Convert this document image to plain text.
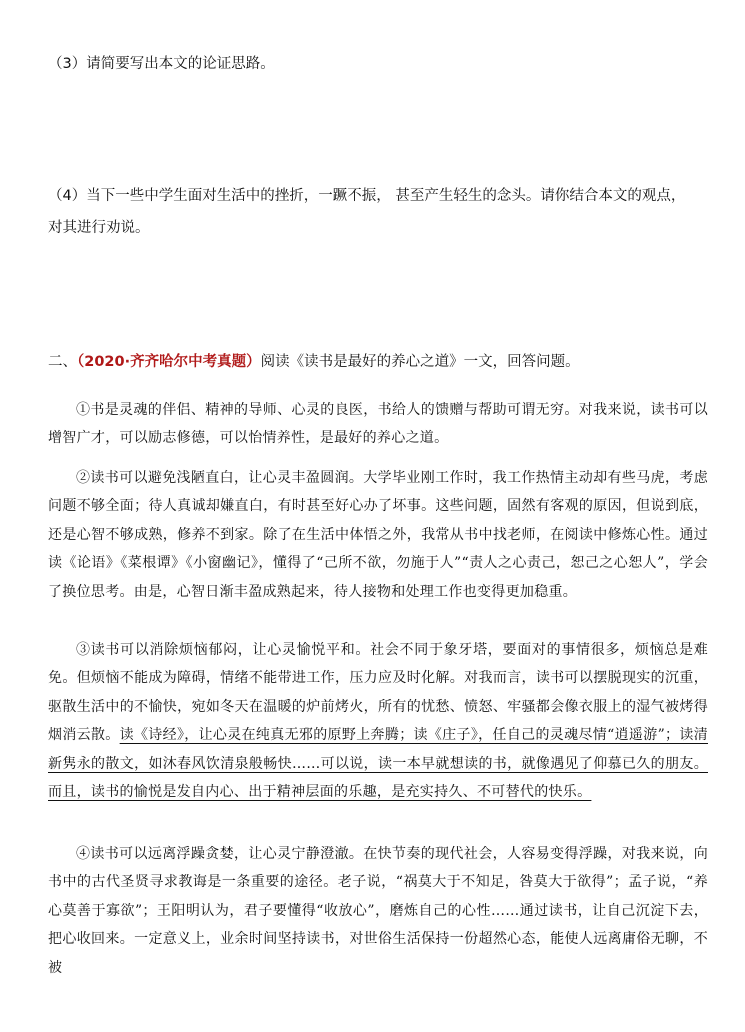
（3）请简要写出本文的论证思路。
（4）当下一些中学生面对生活中的挫折，一蹶不振， 甚至产生轻生的念头。请你结合本文的观点，对其进行劝说。
二、（2020·齐齐哈尔中考真题）阅读《读书是最好的养心之道》一文，回答问题。
①书是灵魂的伴侣、精神的导师、心灵的良医，书给人的馈赠与帮助可谓无穷。对我来说，读书可以增智广才，可以励志修德，可以怡情养性，是最好的养心之道。
②读书可以避免浅陋直白，让心灵丰盈圆润。大学毕业刚工作时，我工作热情主动却有些马虎，考虑问题不够全面；待人真诚却嫌直白，有时甚至好心办了坏事。这些问题，固然有客观的原因，但说到底，还是心智不够成熟，修养不到家。除了在生活中体悟之外，我常从书中找老师，在阅读中修炼心性。通过读《论语》《菜根谭》《小窗幽记》，懂得了“己所不欲，勿施于人”“责人之心责己，恕己之心恕人”，学会了换位思考。由是，心智日渐丰盈成熟起来，待人接物和处理工作也变得更加稳重。
③读书可以消除烦恼郁闷，让心灵愉悦平和。社会不同于象牙塔，要面对的事情很多，烦恼总是难免。但烦恼不能成为障碍，情绪不能带进工作，压力应及时化解。对我而言，读书可以摆脱现实的沉重，驱散生活中的不愉快，宛如冬天在温暖的炉前烤火，所有的忧愁、愤怒、牢骚都会像衣服上的湿气被烤得烟消云散。读《诗经》，让心灵在纯真无邪的原野上奔腾；读《庄子》，任自己的灵魂尽情“逍遥游”；读清新隽永的散文，如沐春风饮清泉般畅快……可以说，读一本早就想读的书，就像遇见了仰慕已久的朋友。而且，读书的愉悦是发自内心、出于精神层面的乐趣，是充实持久、不可替代的快乐。
④读书可以远离浮躁贪婪，让心灵宁静澄澈。在快节奏的现代社会，人容易变得浮躁，对我来说，向书中的古代圣贤寻求教诲是一条重要的途径。老子说，“祸莫大于不知足，咎莫大于欲得”；孟子说，“养心莫善于寡欲”；王阳明认为，君子要懂得“收放心”，磨炼自己的心性……通过读书，让自己沉淀下去，把心收回来。一定意义上，业余时间坚持读书，对世俗生活保持一份超然心态，能使人远离庸俗无聊，不被
